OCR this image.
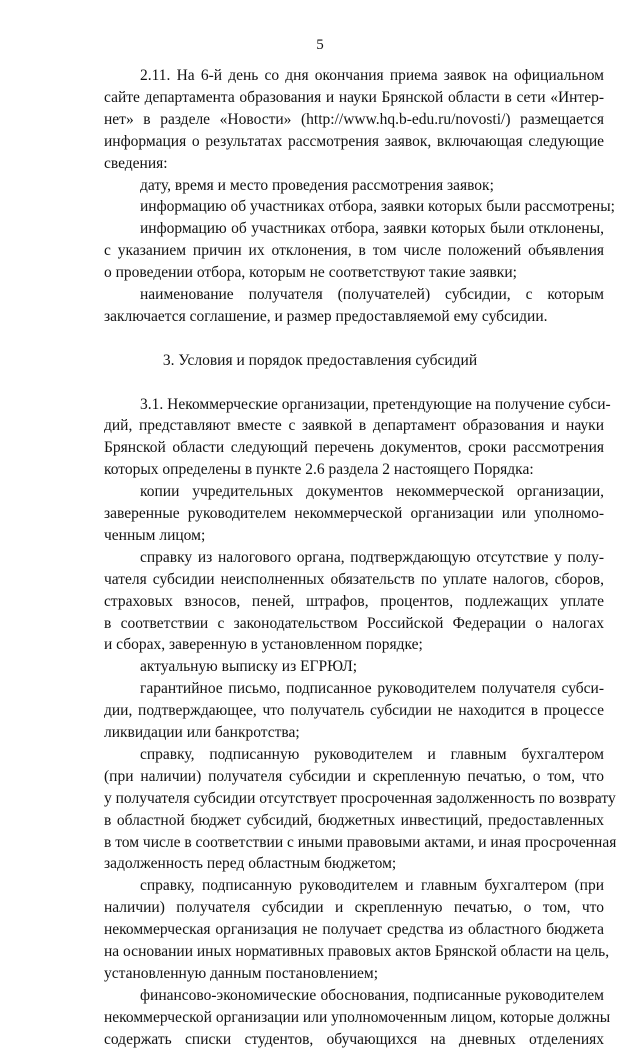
5
2.11. На 6-й день со дня окончания приема заявок на официальном
сайте департамента образования и науки Брянской области в сети «Интер-
нет» в разделе «Новости» (http://www.hq.b-edu.ru/novosti/) размещается
информация о результатах рассмотрения заявок, включающая следующие
сведения:
дату, время и место проведения рассмотрения заявок;
информацию об участниках отбора, заявки которых были рассмотрены;
информацию об участниках отбора, заявки которых были отклонены,
с указанием причин их отклонения, в том числе положений объявления
о проведении отбора, которым не соответствуют такие заявки;
наименование получателя (получателей) субсидии, с которым
заключается соглашение, и размер предоставляемой ему субсидии.
3. Условия и порядок предоставления субсидий
3.1. Некоммерческие организации, претендующие на получение субси-
дий, представляют вместе с заявкой в департамент образования и науки
Брянской области следующий перечень документов, сроки рассмотрения
которых определены в пункте 2.6 раздела 2 настоящего Порядка:
копии учредительных документов некоммерческой организации,
заверенные руководителем некоммерческой организации или уполномо-
ченным лицом;
справку из налогового органа, подтверждающую отсутствие у полу-
чателя субсидии неисполненных обязательств по уплате налогов, сборов,
страховых взносов, пеней, штрафов, процентов, подлежащих уплате
в соответствии с законодательством Российской Федерации о налогах
и сборах, заверенную в установленном порядке;
актуальную выписку из ЕГРЮЛ;
гарантийное письмо, подписанное руководителем получателя субси-
дии, подтверждающее, что получатель субсидии не находится в процессе
ликвидации или банкротства;
справку, подписанную руководителем и главным бухгалтером
(при наличии) получателя субсидии и скрепленную печатью, о том, что
у получателя субсидии отсутствует просроченная задолженность по возврату
в областной бюджет субсидий, бюджетных инвестиций, предоставленных
в том числе в соответствии с иными правовыми актами, и иная просроченная
задолженность перед областным бюджетом;
справку, подписанную руководителем и главным бухгалтером (при
наличии) получателя субсидии и скрепленную печатью, о том, что
некоммерческая организация не получает средства из областного бюджета
на основании иных нормативных правовых актов Брянской области на цель,
установленную данным постановлением;
финансово-экономические обоснования, подписанные руководителем
некоммерческой организации или уполномоченным лицом, которые должны
содержать списки студентов, обучающихся на дневных отделениях
